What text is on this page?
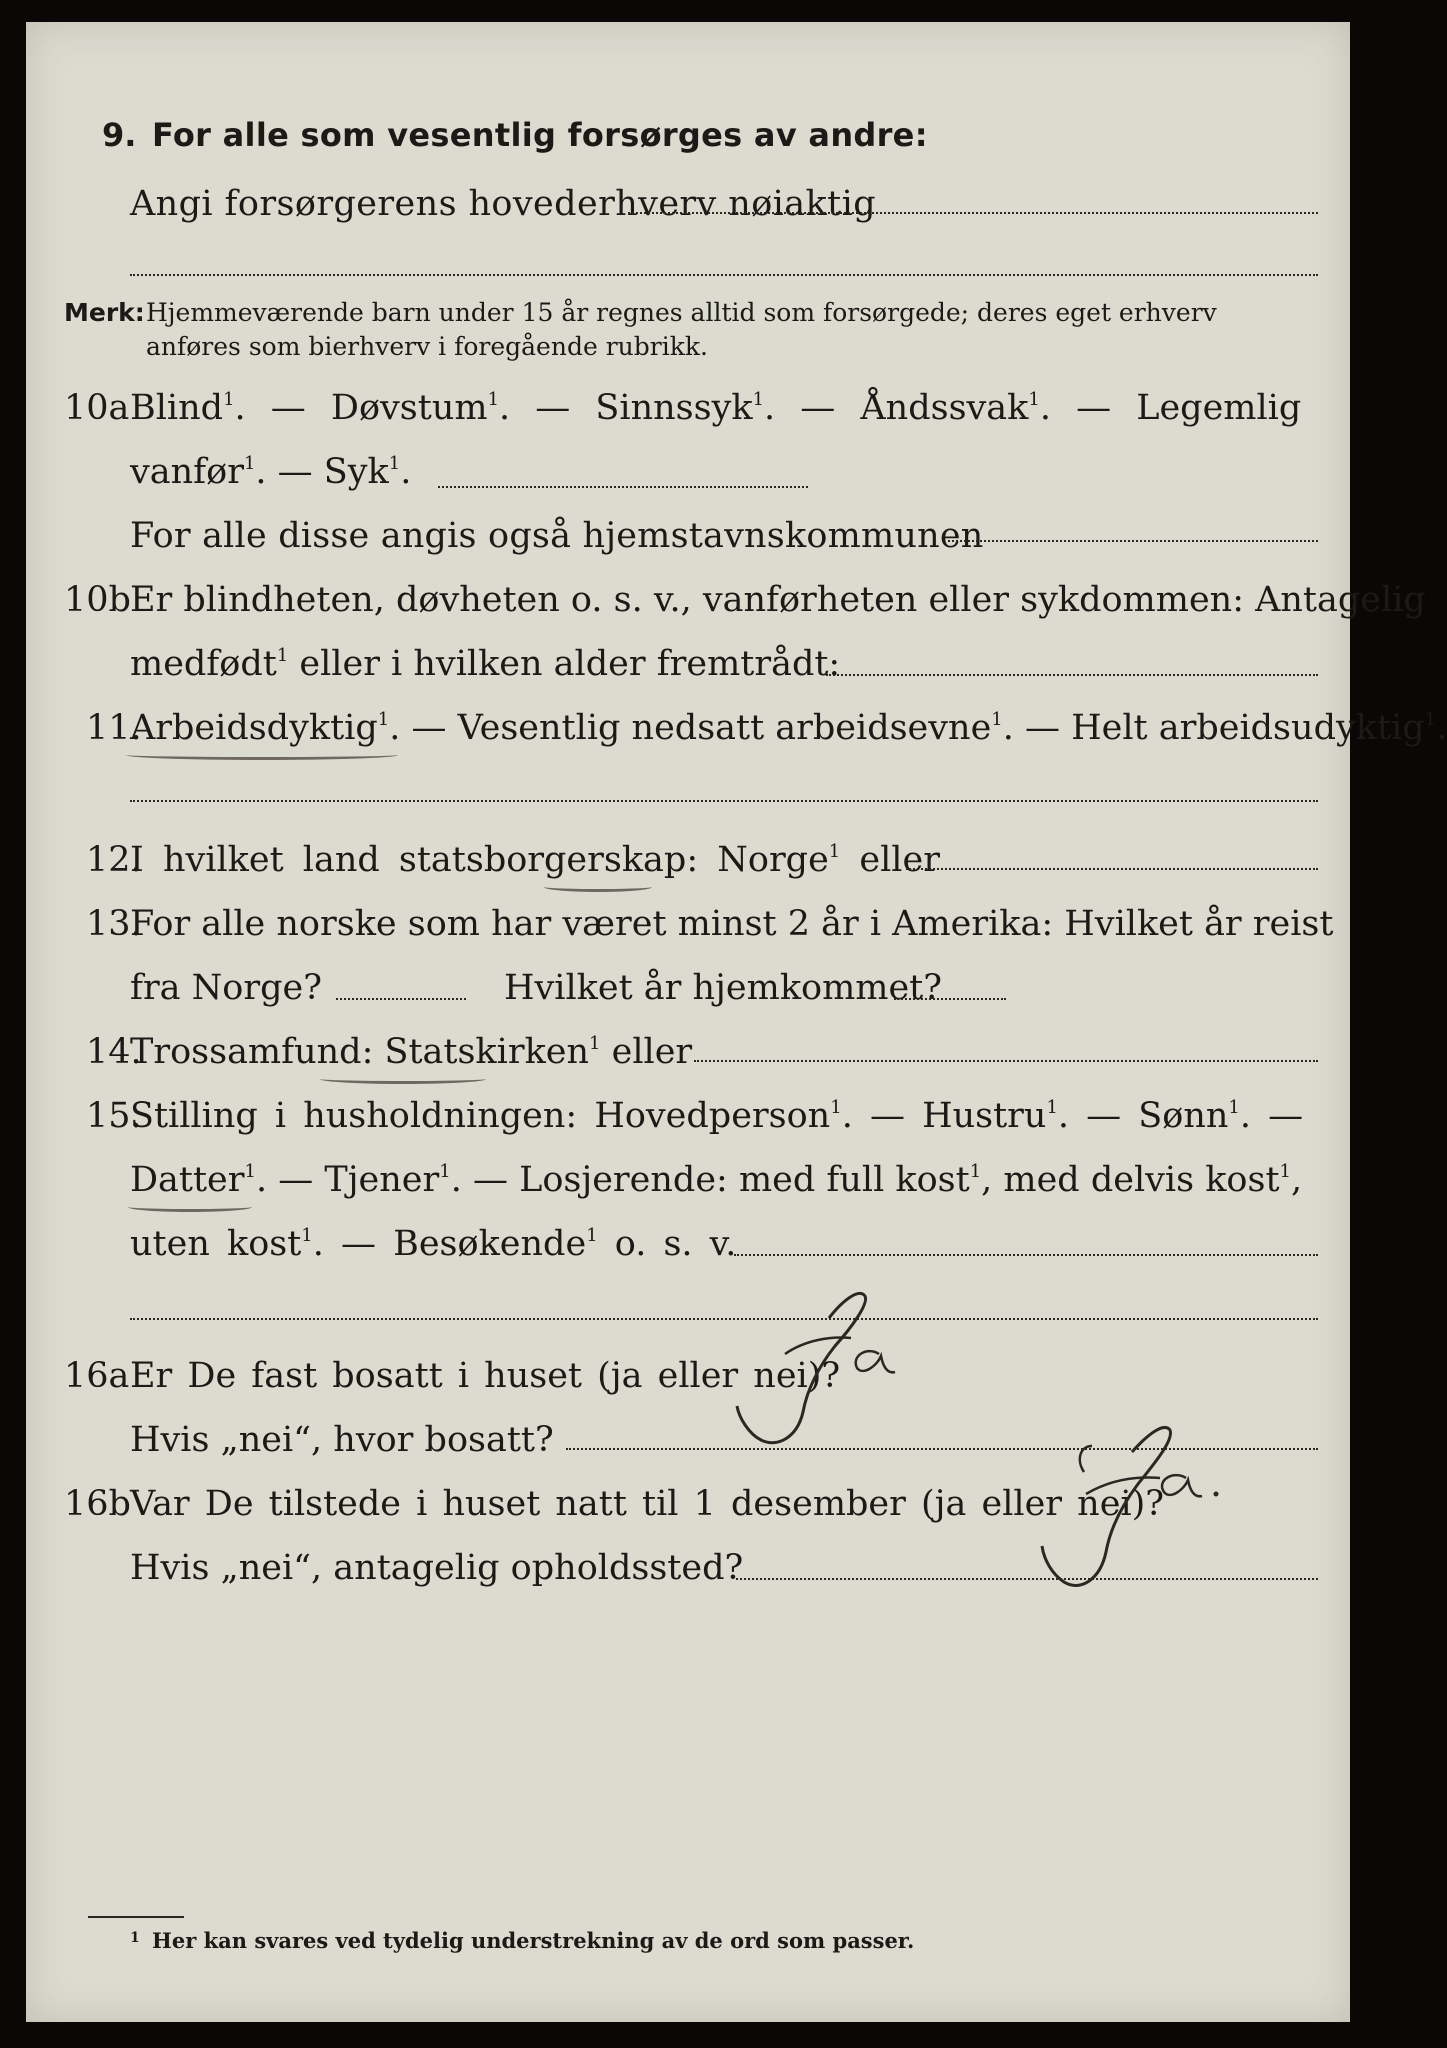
9. For alle som vesentlig forsørges av andre:
Angi forsørgerens hovederhverv nøiaktig
Merk: Hjemmeværende barn under 15 år regnes alltid som forsørgede; deres eget erhverv
anføres som bierhverv i foregående rubrikk.
10a Blind$^1$. — Døvstum$^1$. — Sinnssyk$^1$. — Åndssvak$^1$. — Legemlig
vanfør$^1$. — Syk$^1$.
For alle disse angis også hjemstavnskommunen
10b Er blindheten, døvheten o. s. v., vanførheten eller sykdommen: Antagelig
medfødt$^1$ eller i hvilken alder fremtrådt:
11.
Arbeidsdyktig$^1$. — Vesentlig nedsatt arbeidsevne$^1$. — Helt arbeidsudyktig$^1$.
12.
I hvilket land statsborgerskap: Norge$^1$ eller
13.
For alle norske som har været minst 2 år i Amerika: Hvilket år reist
fra Norge?	Hvilket år hjemkommet?
14.
Trossamfund: Statskirken$^1$ eller
15.
Stilling i husholdningen: Hovedperson$^1$. — Hustru$^1$. — Sønn$^1$. —
Datter$^1$. — Tjener$^1$. — Losjerende: med full kost$^1$, med delvis kost$^1$,
uten kost$^1$. — Besøkende$^1$ o. s. v.
16a Er De fast bosatt i huset (ja eller nei)?
Hvis „nei“, hvor bosatt?
16b Var De tilstede i huset natt til 1 desember (ja eller nei)?
Hvis „nei“, antagelig opholdssted?
1 Her kan svares ved tydelig understrekning av de ord som passer.
